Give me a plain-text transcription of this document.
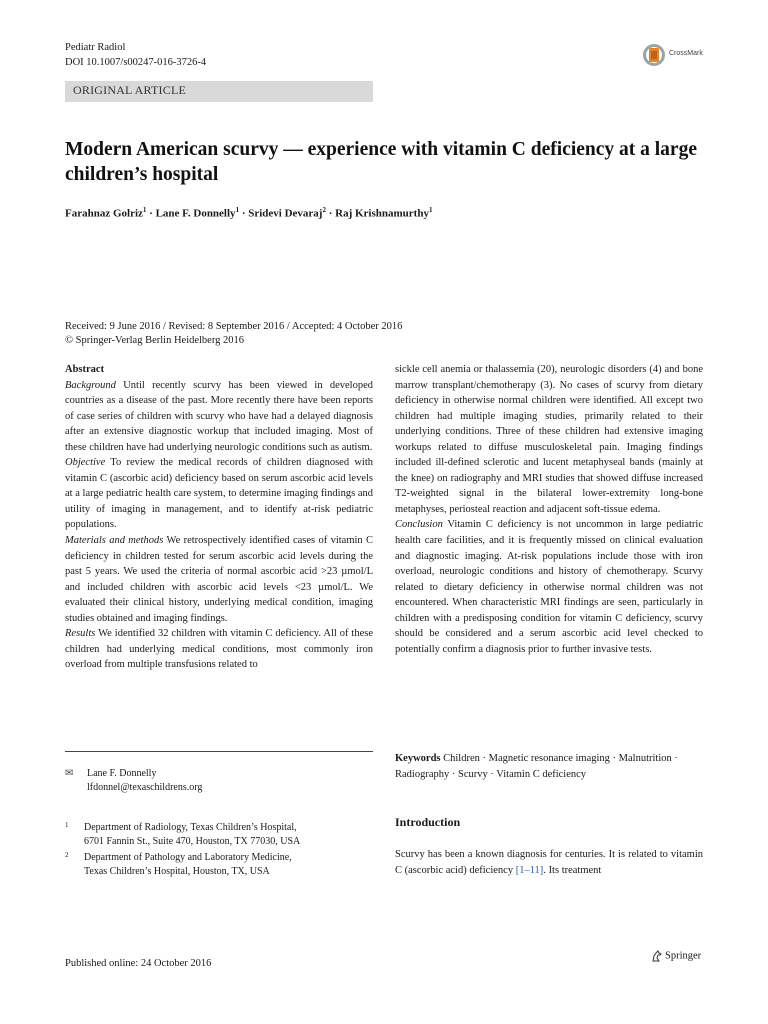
Pediatr Radiol
DOI 10.1007/s00247-016-3726-4
CrossMark
ORIGINAL ARTICLE
Modern American scurvy — experience with vitamin C deficiency at a large children’s hospital
Farahnaz Golriz$^1$ · Lane F. Donnelly$^1$ · Sridevi Devaraj$^2$ · Raj Krishnamurthy$^1$
Received: 9 June 2016 / Revised: 8 September 2016 / Accepted: 4 October 2016
© Springer-Verlag Berlin Heidelberg 2016
Abstract
Background Until recently scurvy has been viewed in developed countries as a disease of the past. More recently there have been reports of case series of children with scurvy who have had a delayed diagnosis after an extensive diagnostic workup that included imaging. Most of these children have had underlying neurologic conditions such as autism.
Objective To review the medical records of children diagnosed with vitamin C (ascorbic acid) deficiency based on serum ascorbic acid levels at a large pediatric health care system, to determine imaging findings and utility of imaging in management, and to identify at-risk pediatric populations.
Materials and methods We retrospectively identified cases of vitamin C deficiency in children tested for serum ascorbic acid levels during the past 5 years. We used the criteria of normal ascorbic acid >23 µmol/L and included children with ascorbic acid levels <23 µmol/L. We evaluated their clinical history, underlying medical condition, imaging studies obtained and imaging findings.
Results We identified 32 children with vitamin C deficiency. All of these children had underlying medical conditions, most commonly iron overload from multiple transfusions related to
sickle cell anemia or thalassemia (20), neurologic disorders (4) and bone marrow transplant/chemotherapy (3). No cases of scurvy from dietary deficiency in otherwise normal children were identified. All except two children had multiple imaging studies, primarily related to their underlying conditions. Three of these children had extensive imaging workups related to diffuse musculoskeletal pain. Imaging findings included ill-defined sclerotic and lucent metaphyseal bands (mainly at the knee) on radiography and MRI studies that showed diffuse increased T2-weighted signal in the bilateral lower-extremity long-bone metaphyses, periosteal reaction and adjacent soft-tissue edema.
Conclusion Vitamin C deficiency is not uncommon in large pediatric health care facilities, and it is frequently missed on clinical evaluation and diagnostic imaging. At-risk populations include those with iron overload, neurologic conditions and history of chemotherapy. Scurvy related to dietary deficiency in otherwise normal children was not encountered. When characteristic MRI findings are seen, particularly in children with a predisposing condition for vitamin C deficiency, scurvy should be considered and a serum ascorbic acid level checked to potentially confirm a diagnosis prior to further invasive tests.
Keywords Children · Magnetic resonance imaging · Malnutrition · Radiography · Scurvy · Vitamin C deficiency
✉ Lane F. Donnelly
lfdonnel@texaschildrens.org
1 Department of Radiology, Texas Children’s Hospital,
6701 Fannin St., Suite 470, Houston, TX 77030, USA
2 Department of Pathology and Laboratory Medicine,
Texas Children’s Hospital, Houston, TX, USA
Introduction
Scurvy has been a known diagnosis for centuries. It is related to vitamin C (ascorbic acid) deficiency [1–11]. Its treatment
Published online: 24 October 2016
Springer
